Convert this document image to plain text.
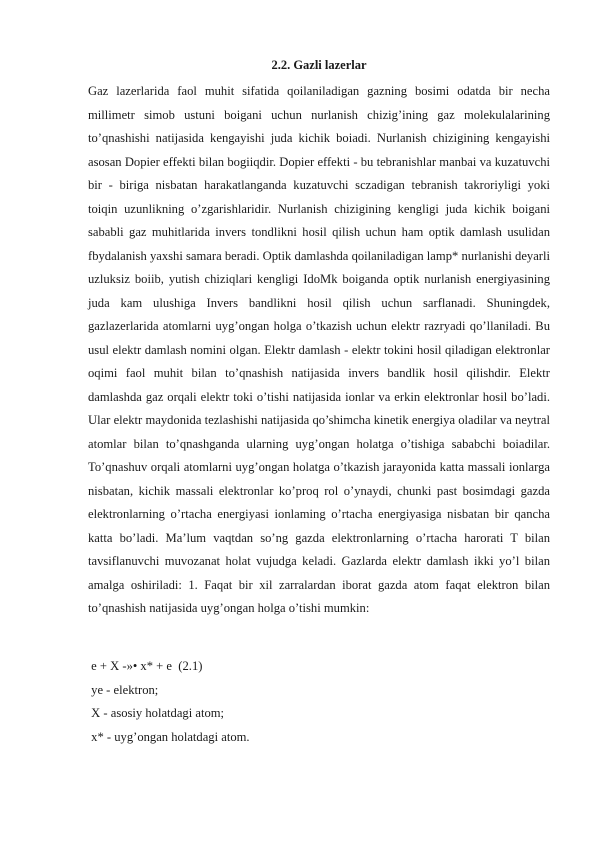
2.2. Gazli lazerlar

Gaz lazerlarida faol muhit sifatida qoilaniladigan gazning bosimi odatda bir necha millimetr simob ustuni boigani uchun nurlanish chizig’ining gaz molekulalarining to’qnashishi natijasida kengayishi juda kichik boiadi. Nurlanish chizigining kengayishi asosan Dopier effekti bilan bogiiqdir. Dopier effekti - bu tebranishlar manbai va kuzatuvchi bir - biriga nisbatan harakatlanganda kuzatuvchi sczadigan tebranish takroriyligi yoki toiqin uzunlikning o’zgarishlaridir. Nurlanish chizigining kengligi juda kichik boigani sababli gaz muhitlarida invers tondlikni hosil qilish uchun ham optik damlash usulidan fbydalanish yaxshi samara beradi. Optik damlashda qoilaniladigan lamp* nurlanishi deyarli uzluksiz boiib, yutish chiziqlari kengligi IdoMk boiganda optik nurlanish energiyasining juda kam ulushiga Invers bandlikni hosil qilish uchun sarflanadi. Shuningdek, gazlazerlarida atomlarni uyg’ongan holga o’tkazish uchun elektr razryadi qo’llaniladi. Bu usul elektr damlash nomini olgan. Elektr damlash - elektr tokini hosil qiladigan elektronlar oqimi faol muhit bilan to’qnashish natijasida invers bandlik hosil qilishdir. Elektr damlashda gaz orqali elektr toki o’tishi natijasida ionlar va erkin elektronlar hosil bo’ladi. Ular elektr maydonida tezlashishi natijasida qo’shimcha kinetik energiya oladilar va neytral atomlar bilan to’qnashganda ularning uyg’ongan holatga o’tishiga sababchi boiadilar. To’qnashuv orqali atomlarni uyg’ongan holatga o’tkazish jarayonida katta massali ionlarga nisbatan, kichik massali elektronlar ko’proq rol o’ynaydi, chunki past bosimdagi gazda elektronlarning o’rtacha energiyasi ionlaming o’rtacha energiyasiga nisbatan bir qancha katta bo’ladi. Ma’lum vaqtdan so’ng gazda elektronlarning o’rtacha harorati T bilan tavsiflanuvchi muvozanat holat vujudga keladi. Gazlarda elektr damlash ikki yo’l bilan amalga oshiriladi: 1. Faqat bir xil zarralardan iborat gazda atom faqat elektron bilan to’qnashish natijasida uyg’ongan holga o’tishi mumkin:

e + X -»• x* + e  (2.1)
ye - elektron;
X - asosiy holatdagi atom;
x* - uyg’ongan holatdagi atom.
